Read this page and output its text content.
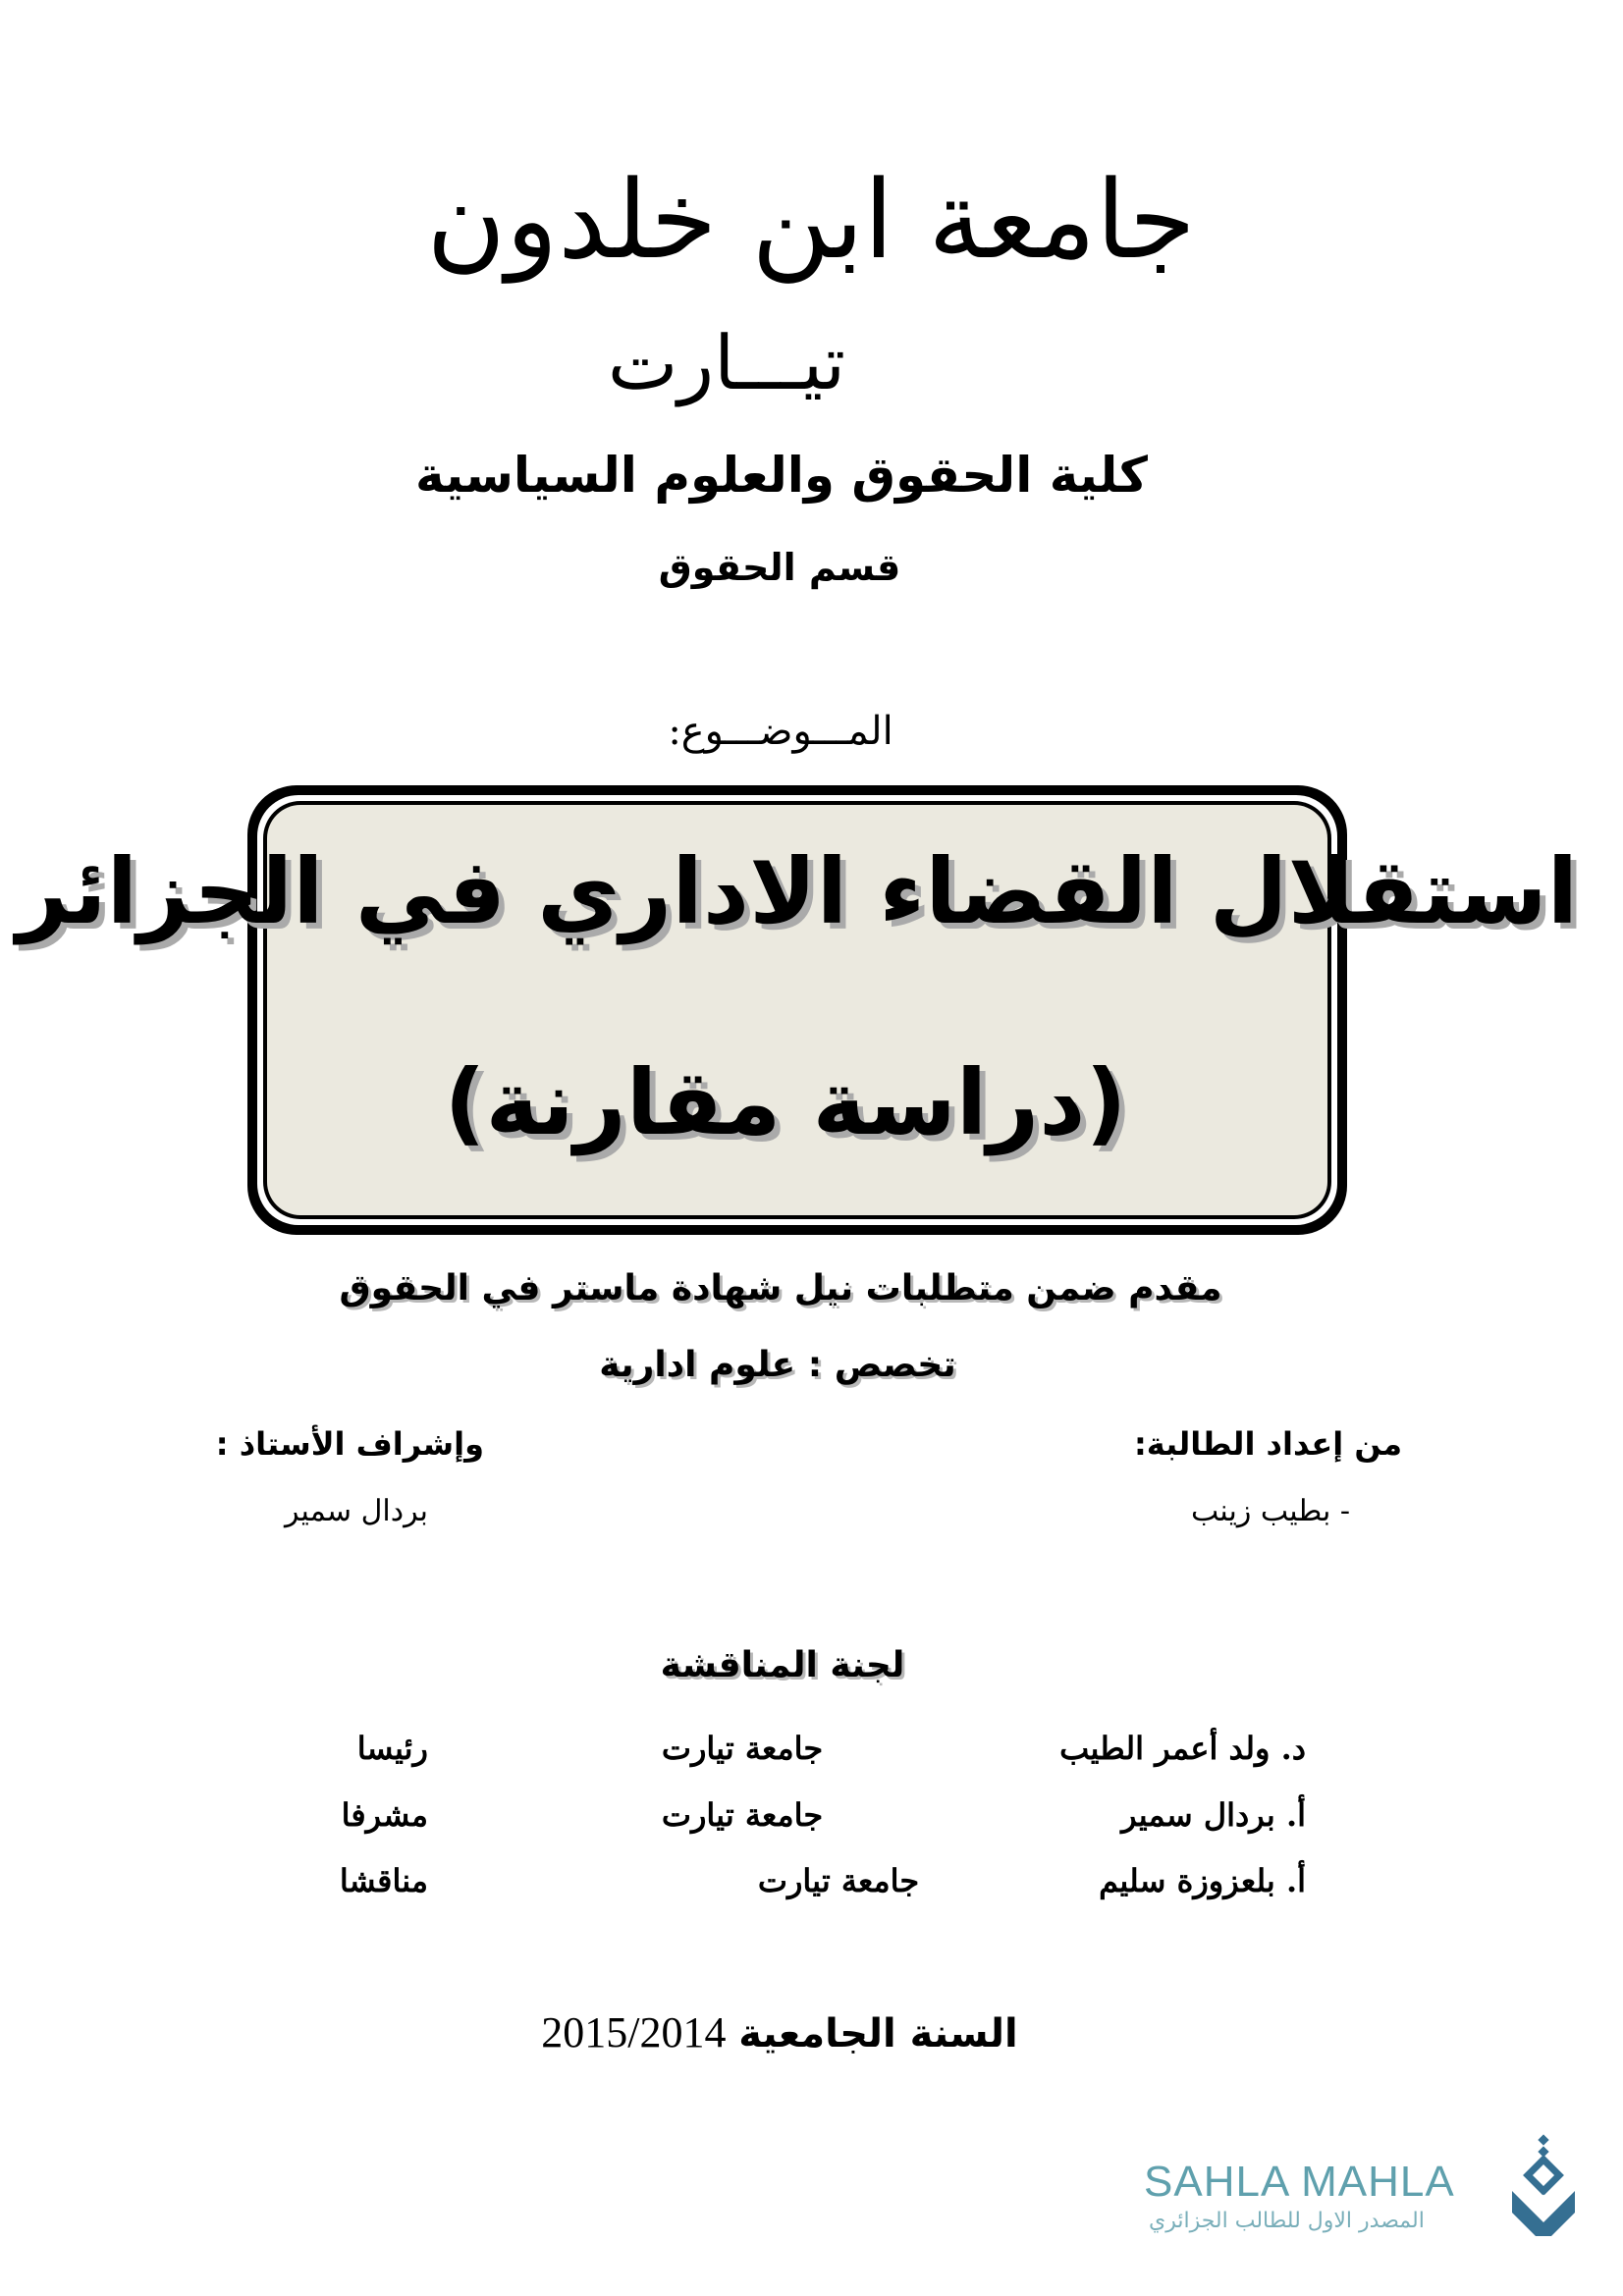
جامعة ابن خلدون
تيـــارت
كلية الحقوق والعلوم السياسية
قسم الحقوق
المـــوضـــوع:
استقلال القضاء الاداري في الجزائر
(دراسة مقارنة)
مقدم ضمن متطلبات نيل شهادة ماستر في الحقوق
تخصص : علوم ادارية
من إعداد الطالبة:
وإشراف الأستاذ :
- بطيب زينب
بردال سمير
لجنة المناقشة
د. ولد أعمر الطيب
جامعة تيارت
رئيسا
أ. بردال سمير
جامعة تيارت
مشرفا
أ. بلعزوزة سليم
جامعة تيارت
مناقشا
السنة الجامعية 2015/2014
SAHLA MAHLA
المصدر الاول للطالب الجزائري
